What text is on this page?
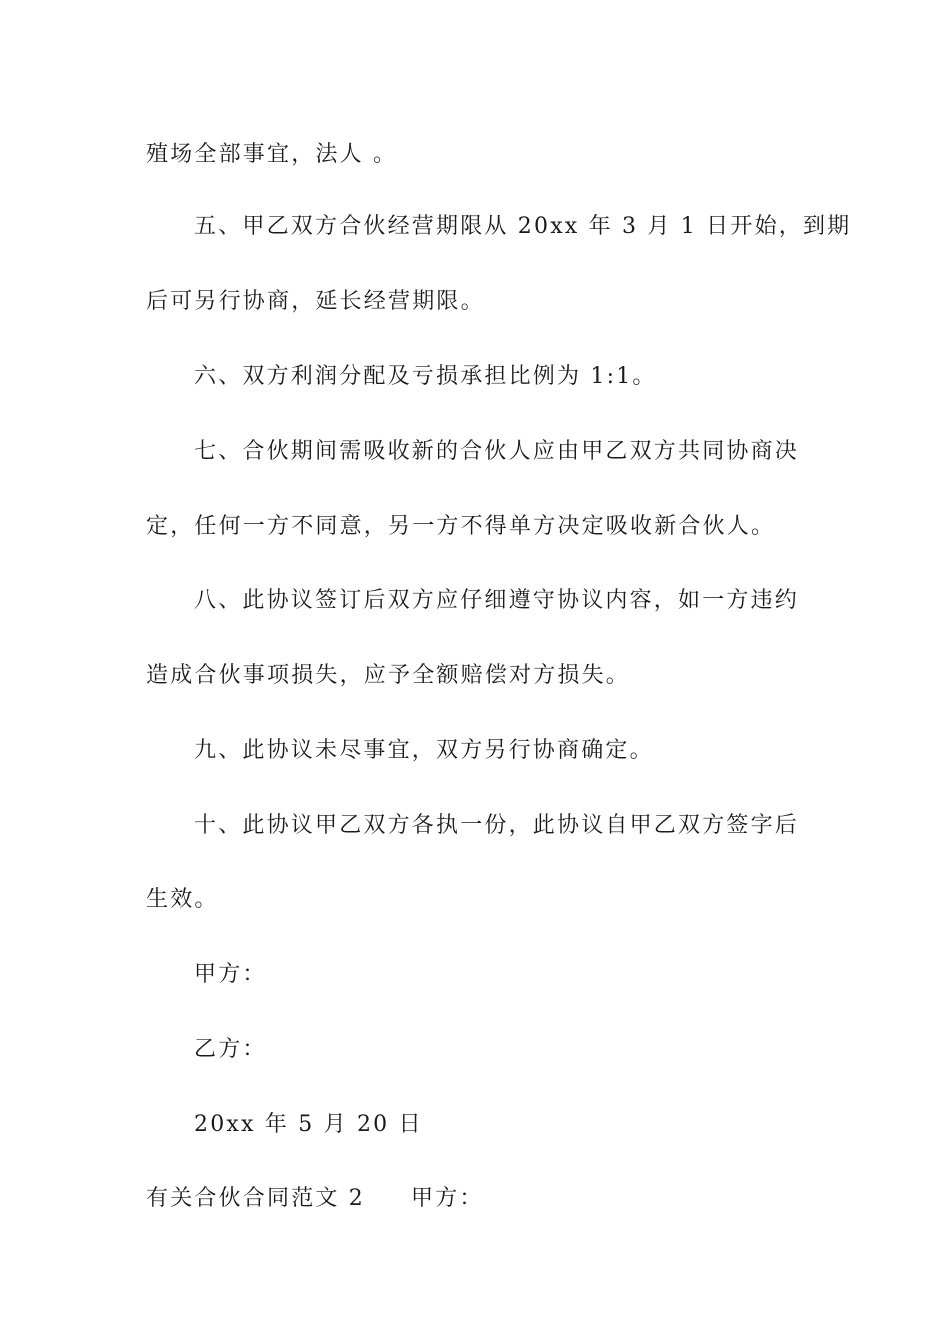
殖场全部事宜，法人 。
五、甲乙双方合伙经营期限从 20xx 年 3 月 1 日开始，到期
后可另行协商，延长经营期限。
六、双方利润分配及亏损承担比例为 1:1。
七、合伙期间需吸收新的合伙人应由甲乙双方共同协商决
定，任何一方不同意，另一方不得单方决定吸收新合伙人。
八、此协议签订后双方应仔细遵守协议内容，如一方违约
造成合伙事项损失，应予全额赔偿对方损失。
九、此协议未尽事宜，双方另行协商确定。
十、此协议甲乙双方各执一份，此协议自甲乙双方签字后
生效。
甲方：
乙方：
20xx 年 5 月 20 日
有关合伙合同范文 2 甲方：
